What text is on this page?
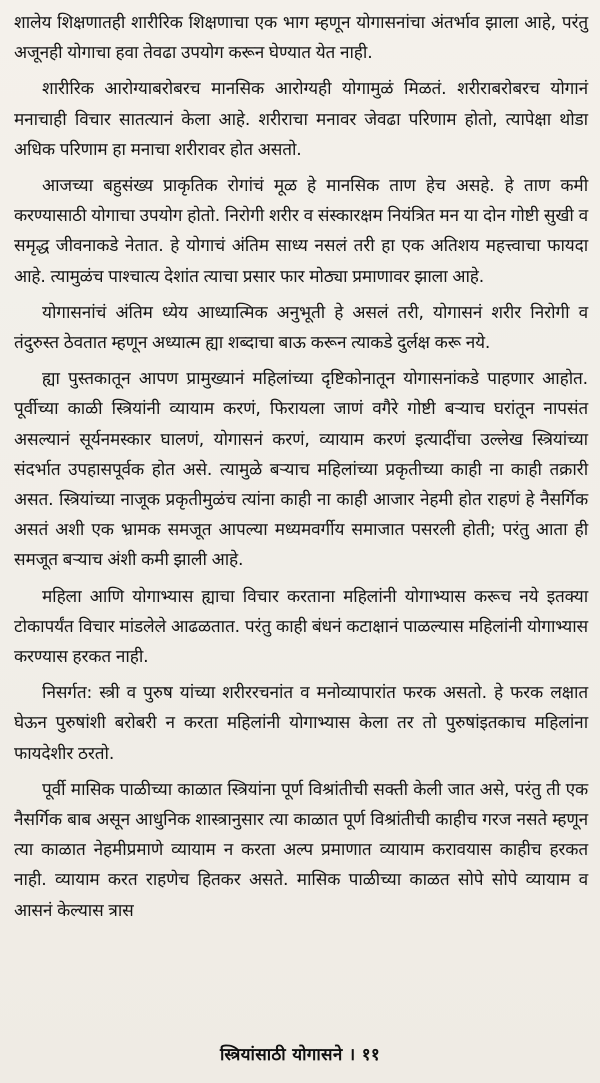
शालेय शिक्षणातही शारीरिक शिक्षणाचा एक भाग म्हणून योगासनांचा अंतर्भाव झाला आहे, परंतु अजूनही योगाचा हवा तेवढा उपयोग करून घेण्यात येत नाही.

शारीरिक आरोग्याबरोबरच मानसिक आरोग्यही योगामुळं मिळतं. शरीराबरोबरच योगानं मनाचाही विचार सातत्यानं केला आहे. शरीराचा मनावर जेवढा परिणाम होतो, त्यापेक्षा थोडा अधिक परिणाम हा मनाचा शरीरावर होत असतो.

आजच्या बहुसंख्य प्राकृतिक रोगांचं मूळ हे मानसिक ताण हेच असहे. हे ताण कमी करण्यासाठी योगाचा उपयोग होतो. निरोगी शरीर व संस्कारक्षम नियंत्रित मन या दोन गोष्टी सुखी व समृद्ध जीवनाकडे नेतात. हे योगाचं अंतिम साध्य नसलं तरी हा एक अतिशय महत्त्वाचा फायदा आहे. त्यामुळंच पाश्चात्य देशांत त्याचा प्रसार फार मोठ्या प्रमाणावर झाला आहे.

योगासनांचं अंतिम ध्येय आध्यात्मिक अनुभूती हे असलं तरी, योगासनं शरीर निरोगी व तंदुरुस्त ठेवतात म्हणून अध्यात्म ह्या शब्दाचा बाऊ करून त्याकडे दुर्लक्ष करू नये.

ह्या पुस्तकातून आपण प्रामुख्यानं महिलांच्या दृष्टिकोनातून योगासनांकडे पाहणार आहोत. पूर्वीच्या काळी स्त्रियांनी व्यायाम करणं, फिरायला जाणं वगैरे गोष्टी बऱ्याच घरांतून नापसंत असल्यानं सूर्यनमस्कार घालणं, योगासनं करणं, व्यायाम करणं इत्यादींचा उल्लेख स्त्रियांच्या संदर्भात उपहासपूर्वक होत असे. त्यामुळे बऱ्याच महिलांच्या प्रकृतीच्या काही ना काही तक्रारी असत. स्त्रियांच्या नाजूक प्रकृतीमुळंच त्यांना काही ना काही आजार नेहमी होत राहणं हे नैसर्गिक असतं अशी एक भ्रामक समजूत आपल्या मध्यमवर्गीय समाजात पसरली होती; परंतु आता ही समजूत बऱ्याच अंशी कमी झाली आहे.

महिला आणि योगाभ्यास ह्याचा विचार करताना महिलांनी योगाभ्यास करूच नये इतक्या टोकापर्यंत विचार मांडलेले आढळतात. परंतु काही बंधनं कटाक्षानं पाळल्यास महिलांनी योगाभ्यास करण्यास हरकत नाही.

निसर्गत: स्त्री व पुरुष यांच्या शरीररचनांत व मनोव्यापारांत फरक असतो. हे फरक लक्षात घेऊन पुरुषांशी बरोबरी न करता महिलांनी योगाभ्यास केला तर तो पुरुषांइतकाच महिलांना फायदेशीर ठरतो.

पूर्वी मासिक पाळीच्या काळात स्त्रियांना पूर्ण विश्रांतीची सक्ती केली जात असे, परंतु ती एक नैसर्गिक बाब असून आधुनिक शास्त्रानुसार त्या काळात पूर्ण विश्रांतीची काहीच गरज नसते म्हणून त्या काळात नेहमीप्रमाणे व्यायाम न करता अल्प प्रमाणात व्यायाम करावयास काहीच हरकत नाही. व्यायाम करत राहणेच हितकर असते. मासिक पाळीच्या काळत सोपे सोपे व्यायाम व आसनं केल्यास त्रास

स्त्रियांसाठी योगासने । ११
